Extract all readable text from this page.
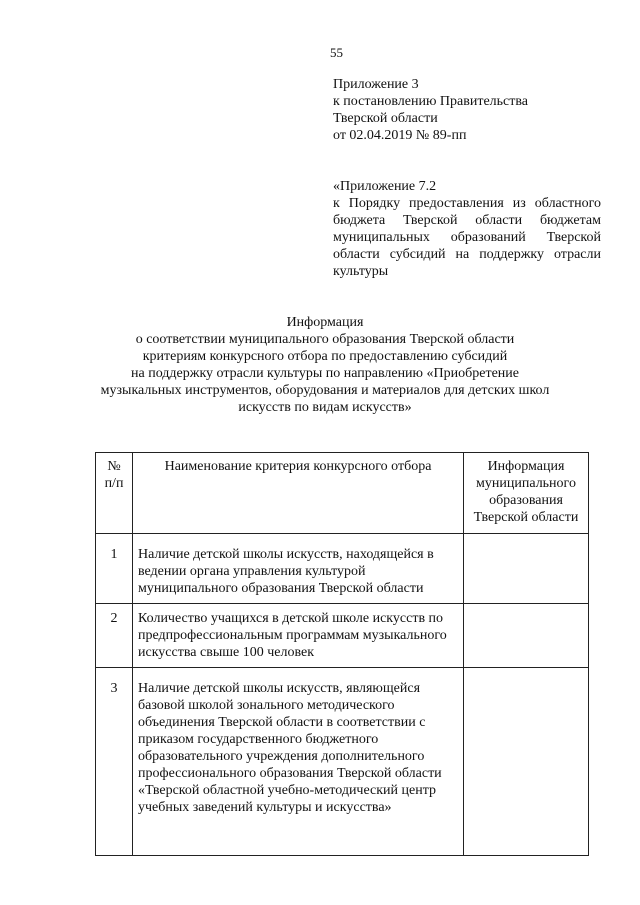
55
Приложение 3
к постановлению Правительства
Тверской области
от 02.04.2019 № 89-пп
«Приложение 7.2
к Порядку предоставления из областного бюджета Тверской области бюджетам муниципальных образований Тверской области субсидий на поддержку отрасли культуры
Информация
о соответствии муниципального образования Тверской области
критериям конкурсного отбора по предоставлению субсидий
на поддержку отрасли культуры по направлению «Приобретение
музыкальных инструментов, оборудования и материалов для детских школ
искусств по видам искусств»
№ п/п	Наименование критерия конкурсного отбора	Информация муниципального образования Тверской области
1	Наличие детской школы искусств, находящейся в ведении органа управления культурой муниципального образования Тверской области	
2	Количество учащихся в детской школе искусств по предпрофессиональным программам музыкального искусства свыше 100 человек	
3	Наличие детской школы искусств, являющейся базовой школой зонального методического объединения Тверской области в соответствии с приказом государственного бюджетного образовательного учреждения дополнительного профессионального образования Тверской области «Тверской областной учебно-методический центр учебных заведений культуры и искусства»	
